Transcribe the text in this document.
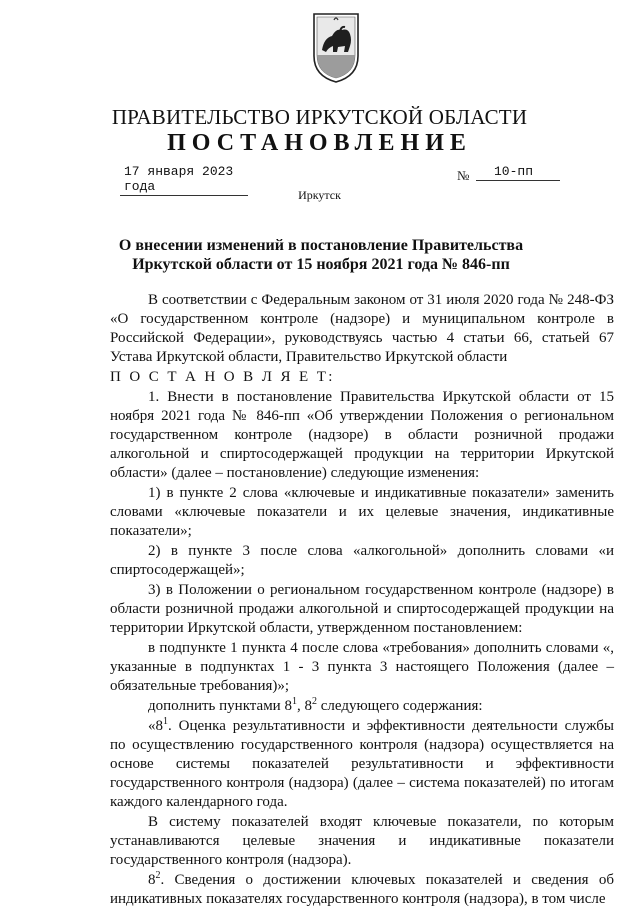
ПРАВИТЕЛЬСТВО ИРКУТСКОЙ ОБЛАСТИ
ПОСТАНОВЛЕНИЕ
17 января 2023 года
№	10-пп
Иркутск
О внесении изменений в постановление Правительства Иркутской области от 15 ноября 2021 года № 846-пп

В соответствии с Федеральным законом от 31 июля 2020 года № 248-ФЗ «О государственном контроле (надзоре) и муниципальном контроле в Российской Федерации», руководствуясь частью 4 статьи 66, статьей 67 Устава Иркутской области, Правительство Иркутской области

П О С Т А Н О В Л Я Е Т:

1. Внести в постановление Правительства Иркутской области от 15 ноября 2021 года № 846-пп «Об утверждении Положения о региональном государственном контроле (надзоре) в области розничной продажи алкогольной и спиртосодержащей продукции на территории Иркутской области» (далее – постановление) следующие изменения:

1) в пункте 2 слова «ключевые и индикативные показатели» заменить словами «ключевые показатели и их целевые значения, индикативные показатели»;

2) в пункте 3 после слова «алкогольной» дополнить словами «и спиртосодержащей»;

3) в Положении о региональном государственном контроле (надзоре) в области розничной продажи алкогольной и спиртосодержащей продукции на территории Иркутской области, утвержденном постановлением:

в подпункте 1 пункта 4 после слова «требования» дополнить словами «, указанные в подпунктах 1 - 3 пункта 3 настоящего Положения (далее – обязательные требования)»;

дополнить пунктами $8^1$, $8^2$ следующего содержания:

«$8^1$. Оценка результативности и эффективности деятельности службы по осуществлению государственного контроля (надзора) осуществляется на основе системы показателей результативности и эффективности государственного контроля (надзора) (далее – система показателей) по итогам каждого календарного года.

В систему показателей входят ключевые показатели, по которым устанавливаются целевые значения и индикативные показатели государственного контроля (надзора).

$8^2$. Сведения о достижении ключевых показателей и сведения об индикативных показателях государственного контроля (надзора), в том числе
